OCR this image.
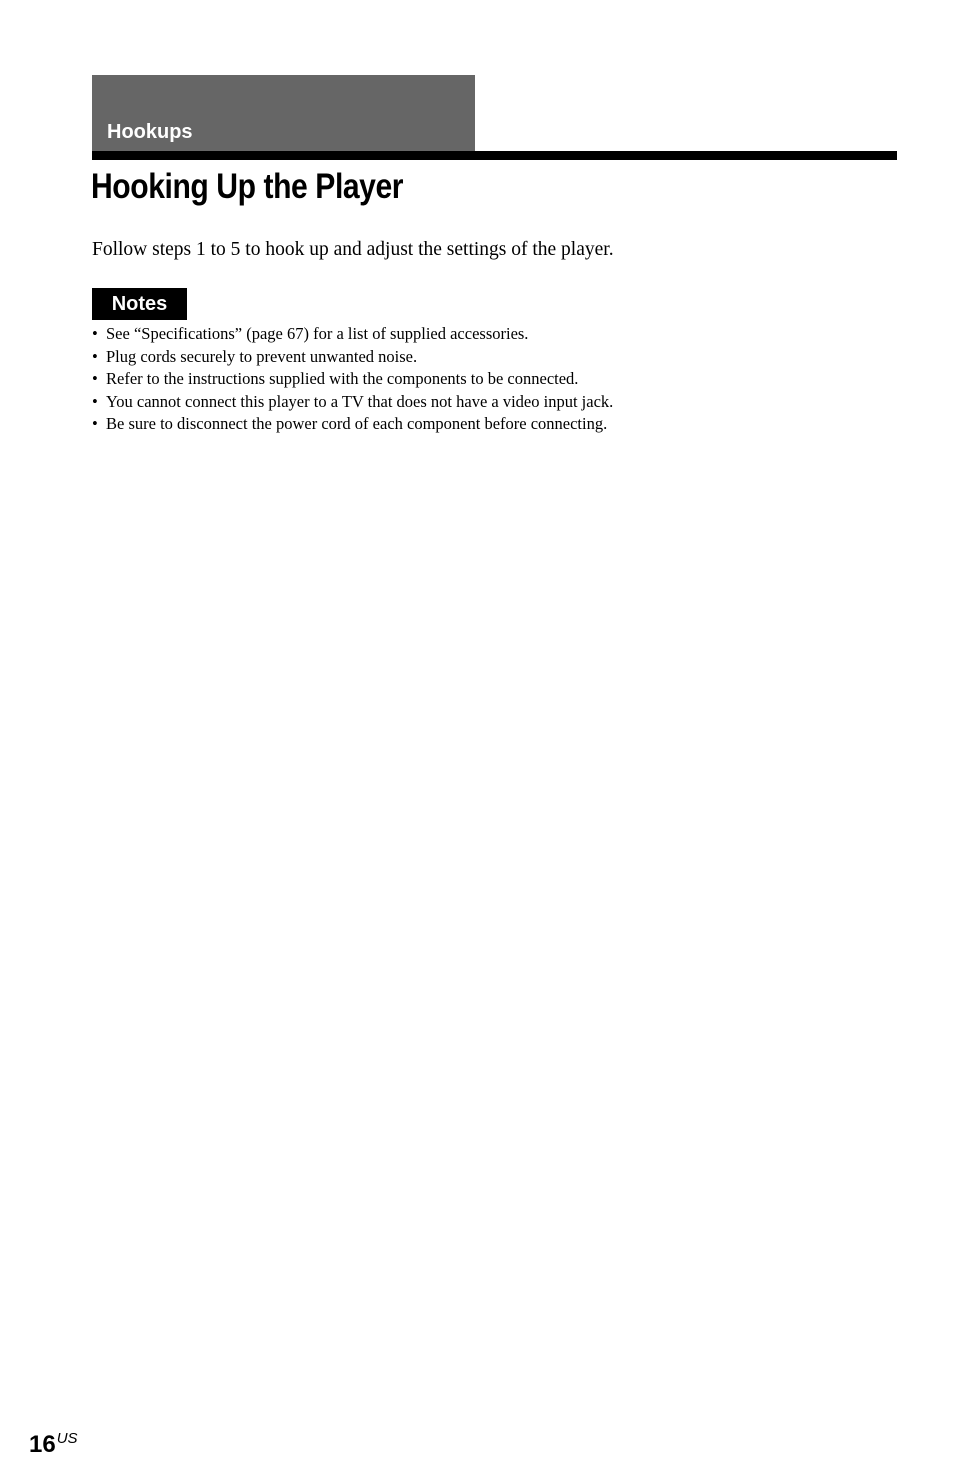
Hookups
Hooking Up the Player

Follow steps 1 to 5 to hook up and adjust the settings of the player.

Notes
• See “Specifications” (page 67) for a list of supplied accessories.
• Plug cords securely to prevent unwanted noise.
• Refer to the instructions supplied with the components to be connected.
• You cannot connect this player to a TV that does not have a video input jack.
• Be sure to disconnect the power cord of each component before connecting.
$16^{US}$
